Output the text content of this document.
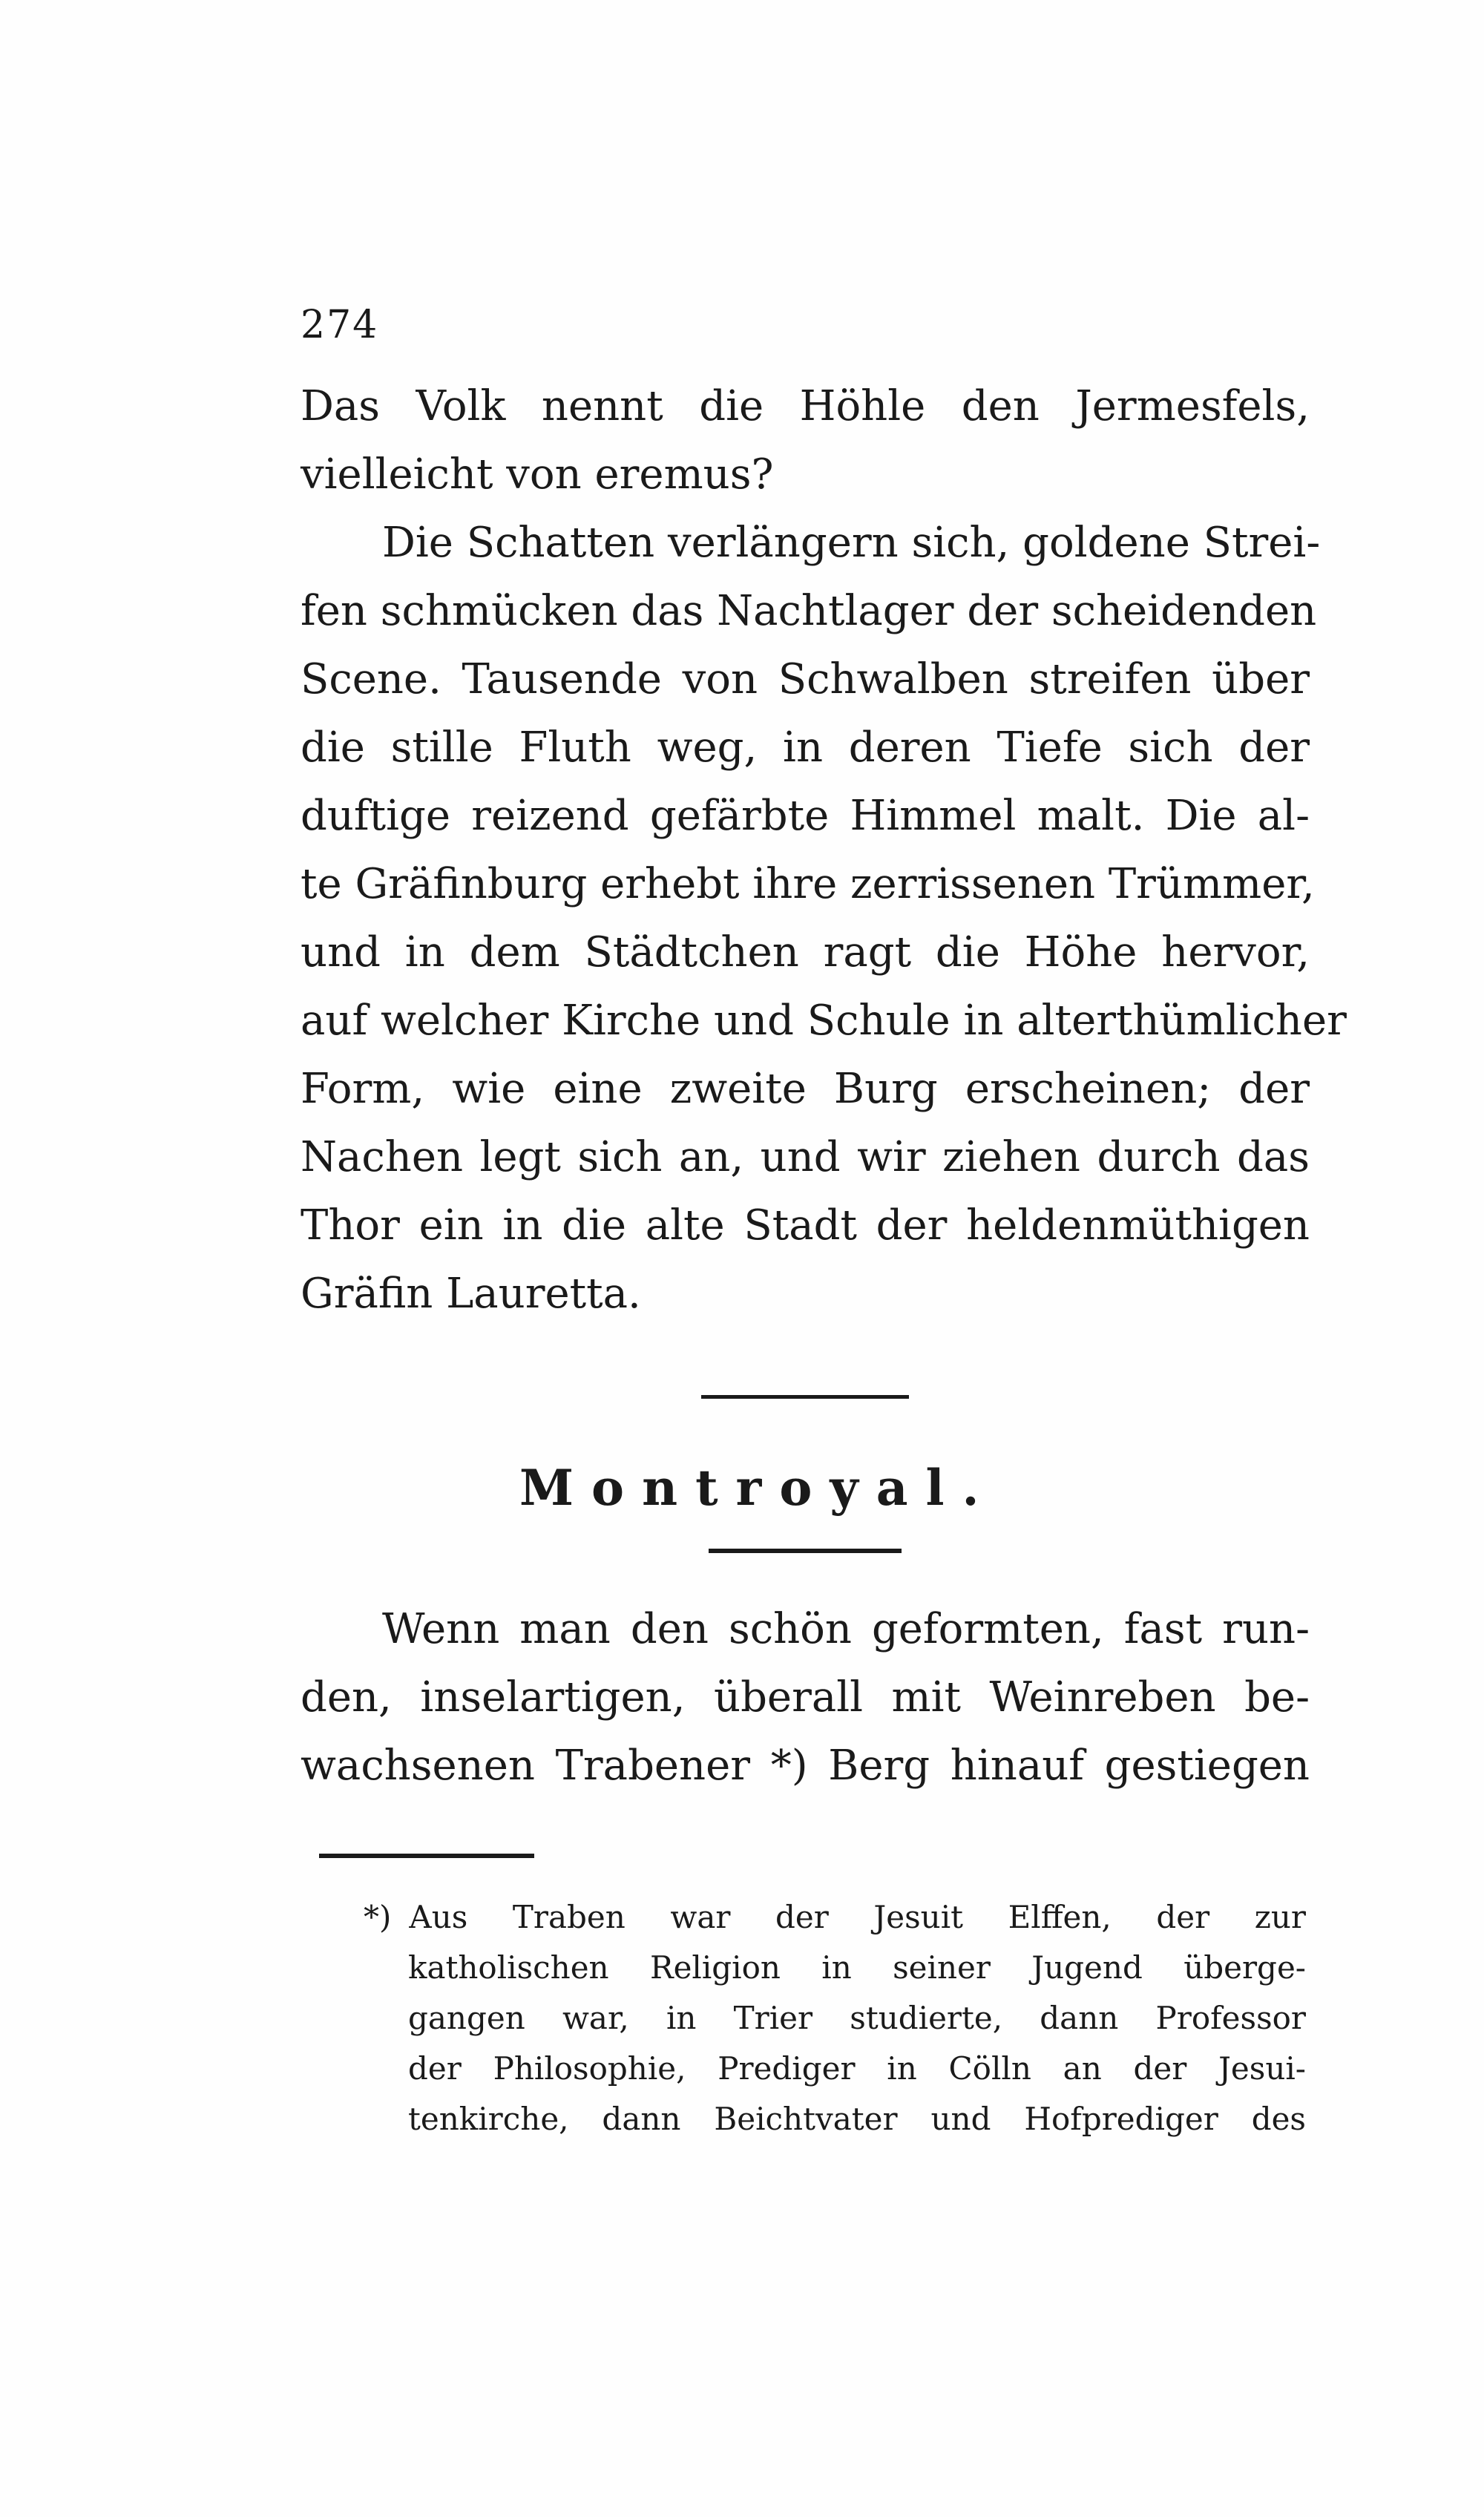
274
Das Volk nennt die Höhle den Jermesfels,
vielleicht von eremus?
Die Schatten verlängern sich, goldene Strei-
fen schmücken das Nachtlager der scheidenden
Scene. Tausende von Schwalben streifen über
die stille Fluth weg, in deren Tiefe sich der
duftige reizend gefärbte Himmel malt. Die al-
te Gräfinburg erhebt ihre zerrissenen Trümmer,
und in dem Städtchen ragt die Höhe hervor,
auf welcher Kirche und Schule in alterthümlicher
Form, wie eine zweite Burg erscheinen; der
Nachen legt sich an, und wir ziehen durch das
Thor ein in die alte Stadt der heldenmüthigen
Gräfin Lauretta.
Montroyal.
Wenn man den schön geformten, fast run-
den, inselartigen, überall mit Weinreben be-
wachsenen Trabener *) Berg hinauf gestiegen
*) Aus Traben war der Jesuit Elffen, der zur
katholischen Religion in seiner Jugend überge-
gangen war, in Trier studierte, dann Professor
der Philosophie, Prediger in Cölln an der Jesui-
tenkirche, dann Beichtvater und Hofprediger des
